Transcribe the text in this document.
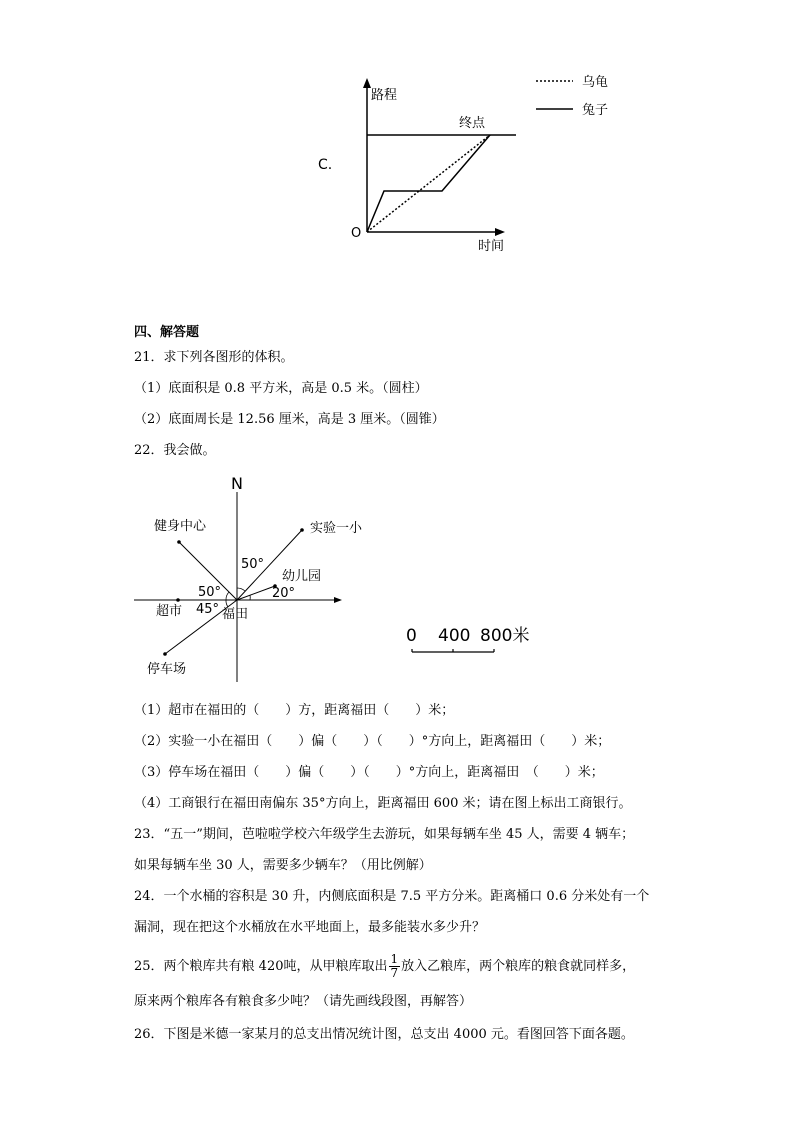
C.
路程
O
时间
终点
乌龟
兔子
四、解答题
21．求下列各图形的体积。
（1）底面积是 0.8 平方米，高是 0.5 米。（圆柱）
（2）底面周长是 12.56 厘米，高是 3 厘米。（圆锥）
22．我会做。
N
健身中心	实验一小
幼儿园
50°
50°	20°
45°
超市	福田
停车场
0 400 800米
（1）超市在福田的（　　）方，距离福田（　　）米；
（2）实验一小在福田（　　）偏（　　）（　　）°方向上，距离福田（　　）米；
（3）停车场在福田（　　）偏（　　）（　　）°方向上，距离福田　（　　）米；
（4）工商银行在福田南偏东 35°方向上，距离福田 600 米；请在图上标出工商银行。
23．“五一”期间，芭啦啦学校六年级学生去游玩，如果每辆车坐 45 人，需要 4 辆车；
如果每辆车坐 30 人，需要多少辆车？（用比例解）
24．一个水桶的容积是 30 升，内侧底面积是 7.5 平方分米。距离桶口 0.6 分米处有一个
漏洞，现在把这个水桶放在水平地面上，最多能装水多少升？
25．两个粮库共有粮 420吨，从甲粮库取出 $\frac{1}{7}$ 放入乙粮库，两个粮库的粮食就同样多，
原来两个粮库各有粮食多少吨？（请先画线段图，再解答）
26．下图是米德一家某月的总支出情况统计图，总支出 4000 元。看图回答下面各题。
